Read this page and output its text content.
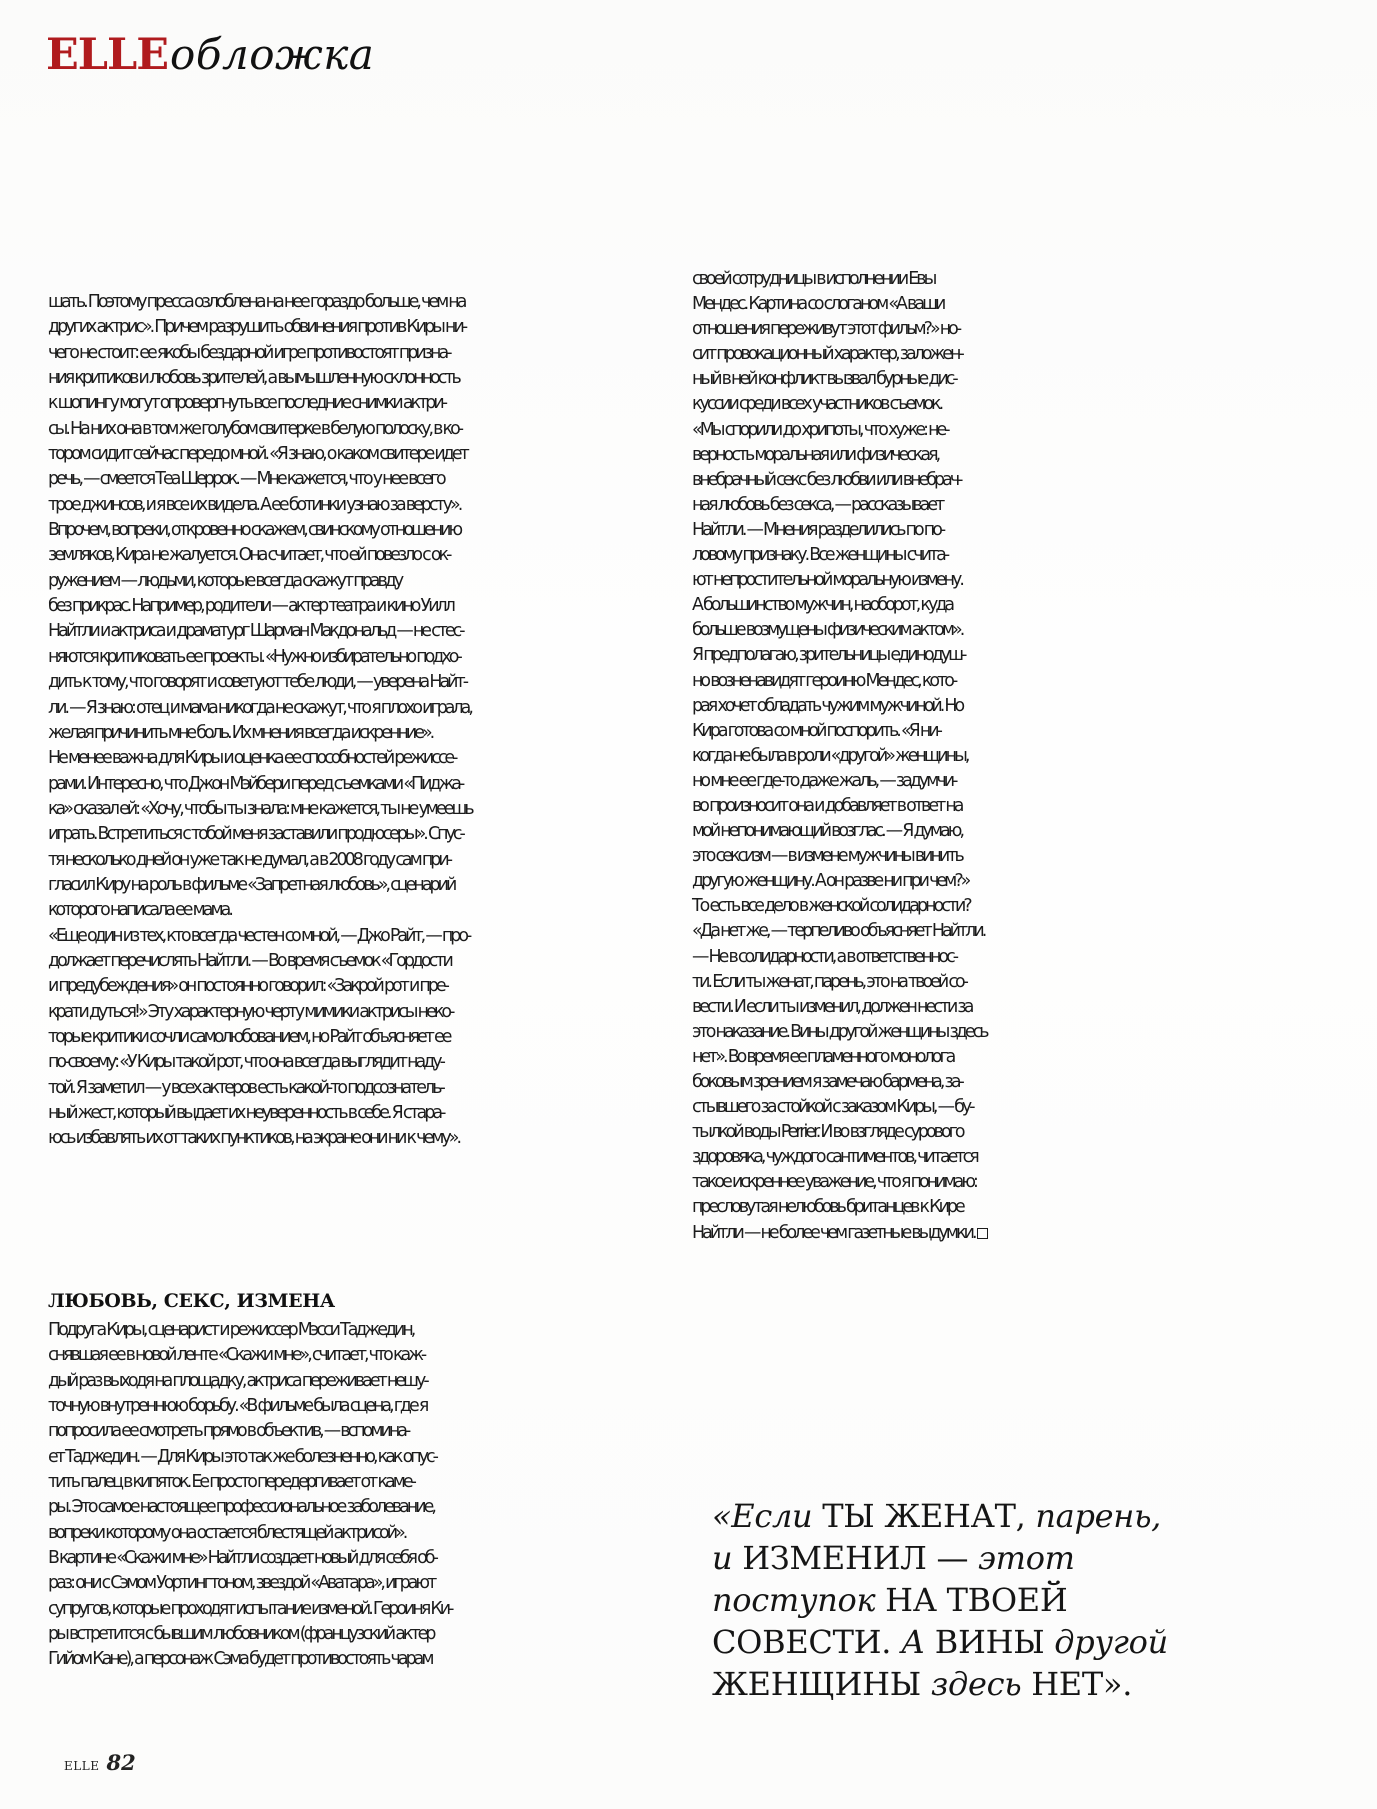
ELLE обложка
шать. Поэтому пресса озлоблена на нее гораздо больше, чем на
других актрис». Причем разрушить обвинения против Киры ни-
чего не стоит: ее якобы бездарной игре противостоят призна-
ния критиков и любовь зрителей, а вымышленную склонность
к шопингу могут опровергнуть все последние снимки актри-
сы. На них она в том же голубом свитерке в белую полоску, в ко-
тором сидит сейчас передо мной. «Я знаю, о каком свитере идет
речь, — смеется Теа Шеррок. — Мне кажется, что у нее всего
трое джинсов, и я все их видела. А ее ботинки узнаю за версту».
Впрочем, вопреки, откровенно скажем, свинскому отношению
земляков, Кира не жалуется. Она считает, что ей повезло с ок-
ружением — людьми, которые всегда скажут правду
без прикрас. Например, родители — актер театра и кино Уилл
Найтли и актриса и драматург Шарман Макдональд — не стес-
няются критиковать ее проекты. «Нужно избирательно подхо-
дить к тому, что говорят и советуют тебе люди, — уверена Найт-
ли. — Я знаю: отец и мама никогда не скажут, что я плохо играла,
желая причинить мне боль. Их мнения всегда искренние».
Не менее важна для Киры и оценка ее способностей режиссе-
рами. Интересно, что Джон Мэйбери перед съемками «Пиджа-
ка» сказал ей: «Хочу, чтобы ты знала: мне кажется, ты не умеешь
играть. Встретиться с тобой меня заставили продюсеры». Спус-
тя несколько дней он уже так не думал, а в 2008 году сам при-
гласил Киру на роль в фильме «Запретная любовь», сценарий
которого написала ее мама.
«Еще один из тех, кто всегда честен со мной, — Джо Райт, — про-
должает перечислять Найтли. — Во время съемок «Гордости
и предубеждения» он постоянно говорил: «Закрой рот и пре-
крати дуться!» Эту характерную черту мимики актрисы неко-
торые критики сочли самолюбованием, но Райт объясняет ее
по-своему: «У Киры такой рот, что она всегда выглядит наду-
той. Я заметил — у всех актеров есть какой-то подсознатель-
ный жест, который выдает их неуверенность в себе. Я стара-
юсь избавлять их от таких пунктиков, на экране они ни к чему».
ЛЮБОВЬ, СЕКС, ИЗМЕНА
Подруга Киры, сценарист и режиссер Мэсси Таджедин,
снявшая ее в новой ленте «Скажи мне», считает, что каж-
дый раз выходя на площадку, актриса переживает нешу-
точную внутреннюю борьбу. «В фильме была сцена, где я
попросила ее смотреть прямо в объектив, — вспомина-
ет Таджедин. — Для Киры это так же болезненно, как опус-
тить палец в кипяток. Ее просто передергивает от каме-
ры. Это самое настоящее профессиональное заболевание,
вопреки которому она остается блестящей актрисой».
В картине «Скажи мне» Найтли создает новый для себя об-
раз: они с Сэмом Уортингтоном, звездой «Аватара», играют
супругов, которые проходят испытание изменой. Героиня Ки-
ры встретится с бывшим любовником (французский актер
Гийом Кане), а персонаж Сэма будет противостоять чарам
своей сотрудницы в исполнении Евы
Мендес. Картина со слоганом «А ваши
отношения переживут этот фильм?» но-
сит провокационный характер, заложен-
ный в ней конфликт вызвал бурные дис-
куссии среди всех участников съемок.
«Мы спорили до хрипоты, что хуже: не-
верность моральная или физическая,
внебрачный секс без любви или внебрач-
ная любовь без секса, — рассказывает
Найтли. — Мнения разделились по по-
ловому признаку. Все женщины счита-
ют непростительной моральную измену.
А большинство мужчин, наоборот, куда
больше возмущены физическим актом».
Я предполагаю, зрительницы единодуш-
но возненавидят героиню Мендес, кото-
рая хочет обладать чужим мужчиной. Но
Кира готова со мной поспорить. «Я ни-
когда не была в роли «другой» женщины,
но мне ее где-то даже жаль, — задумчи-
во произносит она и добавляет в ответ на
мой непонимающий возглас. — Я думаю,
это сексизм — в измене мужчины винить
другую женщину. А он разве ни при чем?»
То есть все дело в женской солидарности?
«Да нет же, — терпеливо объясняет Найтли.
— Не в солидарности, а в ответственнос-
ти. Если ты женат, парень, это на твоей со-
вести. И если ты изменил, должен нести за
это наказание. Вины другой женщины здесь
нет». Во время ее пламенного монолога
боковым зрением я замечаю бармена, за-
стывшего за стойкой с заказом Киры, — бу-
тылкой воды Perrier. И во взгляде сурового
здоровяка, чуждого сантиментов, читается
такое искреннее уважение, что я понимаю:
пресловутая нелюбовь британцев к Кире
Найтли — не более чем газетные выдумки.
«Если ТЫ ЖЕНАТ, парень,
и ИЗМЕНИЛ — этот
поступок НА ТВОЕЙ
СОВЕСТИ. А ВИНЫ другой
ЖЕНЩИНЫ здесь НЕТ».
ELLE 82
